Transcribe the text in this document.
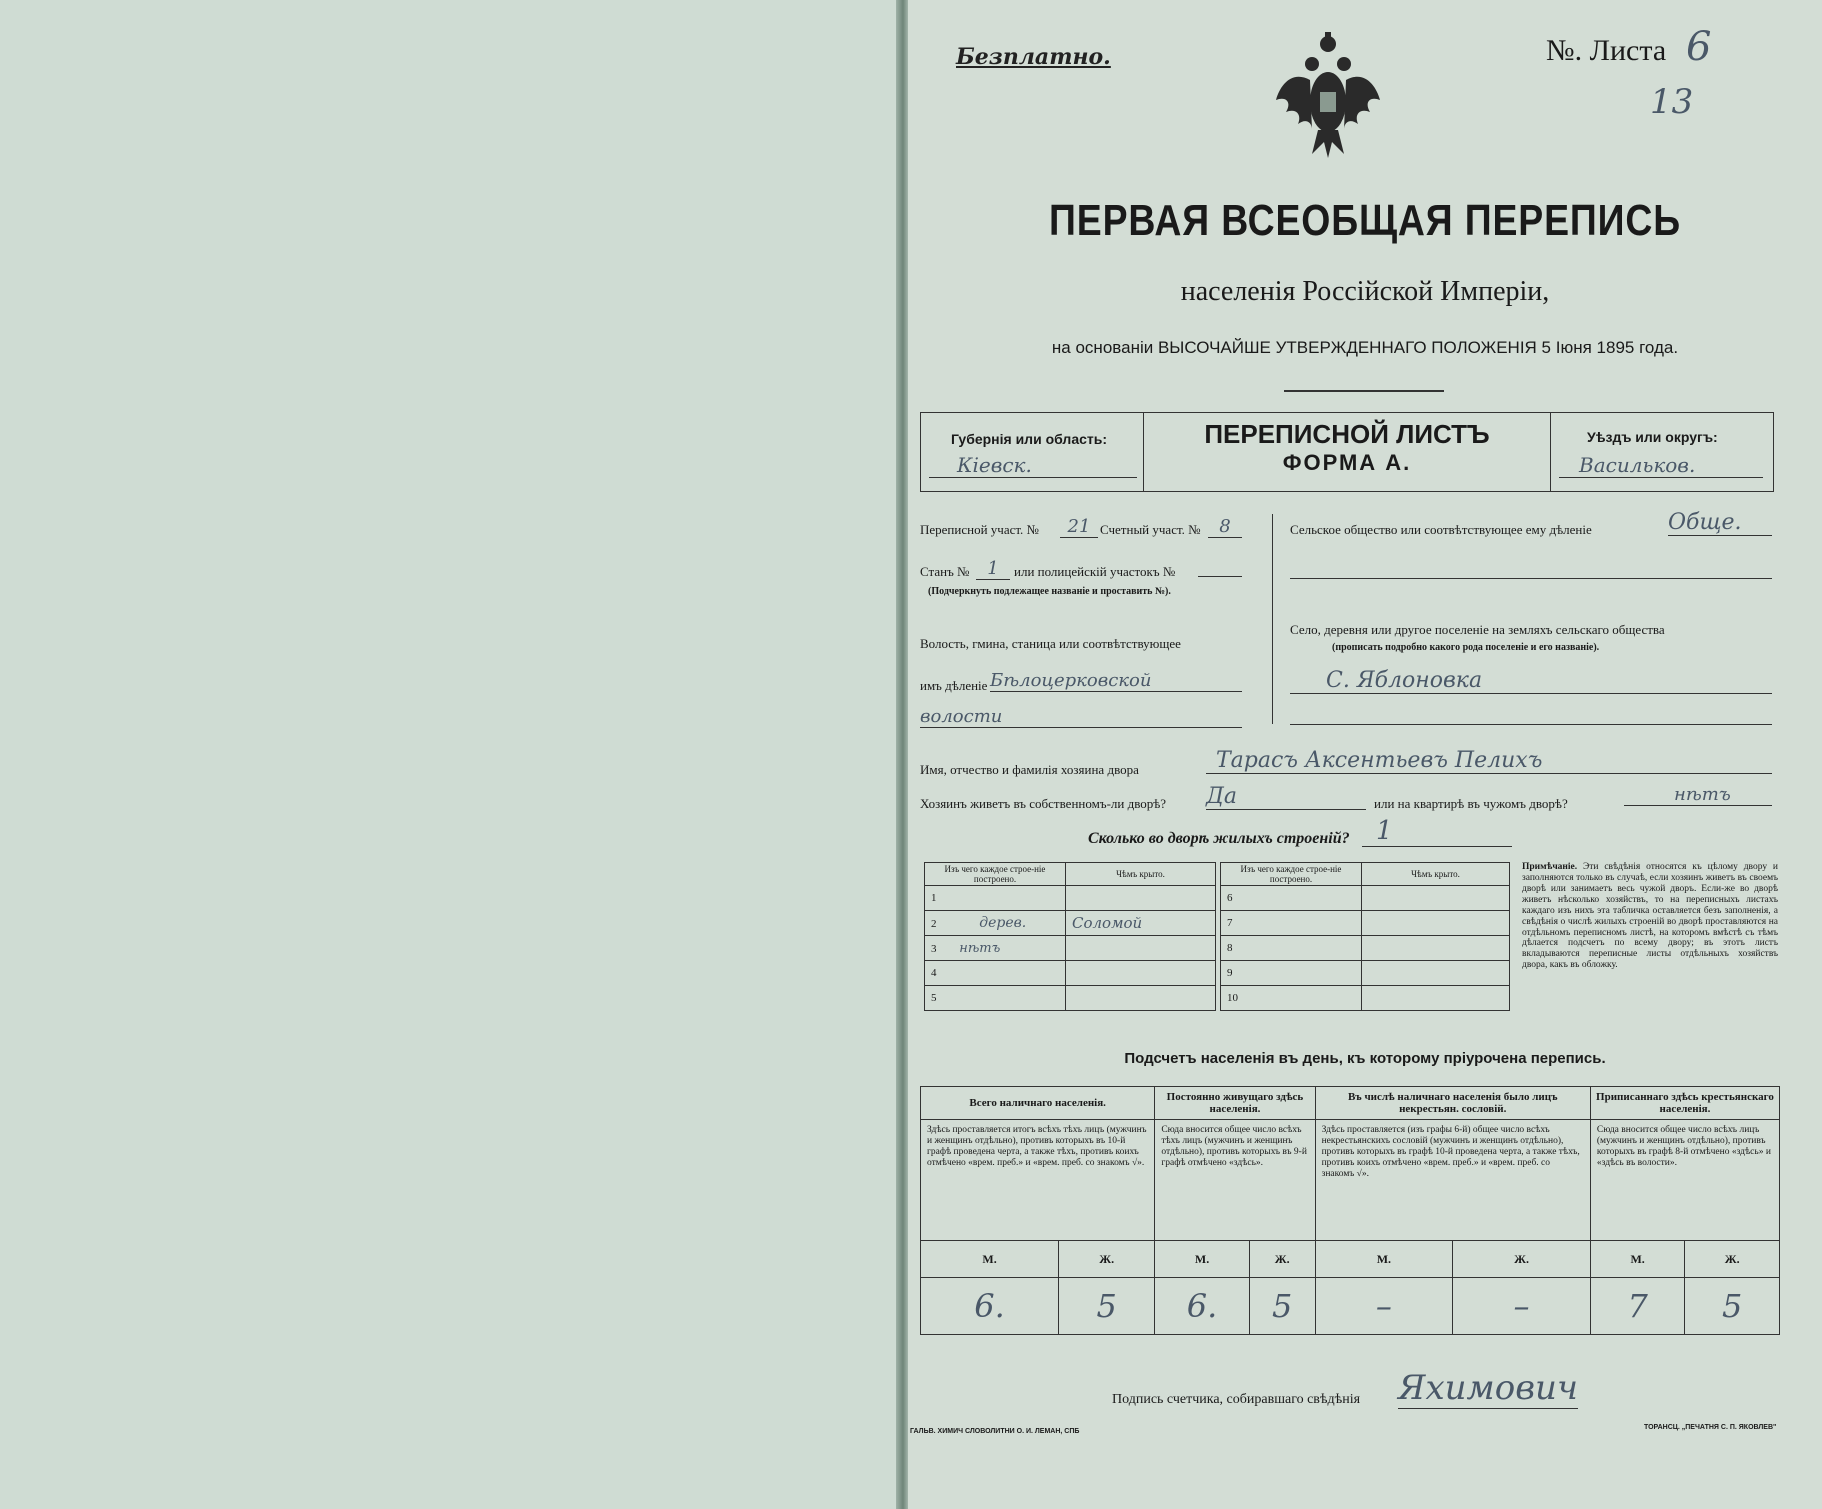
Безплатно.	№. Листа 6
13
ПЕРВАЯ ВСЕОБЩАЯ ПЕРЕПИСЬ
населенія Россійской Имперіи,
на основаніи ВЫСОЧАЙШЕ УТВЕРЖДЕННАГО ПОЛОЖЕНІЯ 5 Іюня 1895 года.
Губернія или область:
Кіевск.
ПЕРЕПИСНОЙ ЛИСТЪ
ФОРМА А.
Уѣздъ или округъ:
Васильков.
Переписной участ. №	21 Счетный участ. №	8
Станъ № 1	или полицейскій участокъ №
(Подчеркнуть подлежащее названіе и проставить №).
Волость, гмина, станица или соотвѣтствующее
имъ дѣленіе Бѣлоцерковской
волости
Сельское общество или соотвѣтствующее ему дѣленіе	Обще.
Село, деревня или другое поселеніе на земляхъ сельскаго общества
(прописать подробно какого рода поселеніе и его названіе).
С. Яблоновка
Имя, отчество и фамилія хозяина двора	Тарасъ Аксентьевъ Пелихъ
Хозяинъ живетъ въ собственномъ-ли дворѣ? Да	или на квартирѣ въ чужомъ дворѣ?	нѣтъ
Сколько во дворѣ жилыхъ строеній?	1
Изъ чего каждое строе-ніе построено.	Чѣмъ крыто.
1	
2 дерев.	Соломой
3 нѣтъ	
4	
5	
Изъ чего каждое строе-ніе построено.	Чѣмъ крыто.
6	
7	
8	
9	
10	
Примѣчаніе. Эти свѣдѣнія относятся къ цѣлому двору и заполняются только въ случаѣ, если хозяинъ живетъ въ своемъ дворѣ или занимаетъ весь чужой дворъ. Если-же во дворѣ живетъ нѣсколько хозяйствъ, то на переписныхъ листахъ каждаго изъ нихъ эта табличка оставляется безъ заполненія, а свѣдѣнія о числѣ жилыхъ строеній во дворѣ проставляются на отдѣльномъ переписномъ листѣ, на которомъ вмѣстѣ съ тѣмъ дѣлается подсчетъ по всему двору; въ этотъ листъ вкладываются переписные листы отдѣльныхъ хозяйствъ двора, какъ въ обложку.
Подсчетъ населенія въ день, къ которому пріурочена перепись.
Всего наличнаго населенія.		Постоянно живущаго здѣсь населенія.		Въ числѣ наличнаго населенія было лицъ некрестьян. сословій.		Приписаннаго здѣсь крестьянскаго населенія.	
Здѣсь проставляется итогъ всѣхъ тѣхъ лицъ (мужчинъ и женщинъ отдѣльно), противъ которыхъ въ 10-й графѣ проведена черта, а также тѣхъ, противъ коихъ отмѣчено «врем. преб.» и «врем. преб. со знакомъ √».		Сюда вносится общее число всѣхъ тѣхъ лицъ (мужчинъ и женщинъ отдѣльно), противъ которыхъ въ 9-й графѣ отмѣчено «здѣсь».		Здѣсь проставляется (изъ графы 6-й) общее число всѣхъ некрестьянскихъ сословій (мужчинъ и женщинъ отдѣльно), противъ которыхъ въ графѣ 10-й проведена черта, а также тѣхъ, противъ коихъ отмѣчено «врем. преб.» и «врем. преб. со знакомъ √».		Сюда вносится общее число всѣхъ лицъ (мужчинъ и женщинъ отдѣльно), противъ которыхъ въ графѣ 8-й отмѣчено «здѣсь» и «здѣсь въ волости».	
М.	Ж.	М.	Ж.	М.	Ж.	М.	Ж.
6.	5	6.	5	–	–	7	5
Подпись счетчика, собиравшаго свѣдѣнія Яхимович
ГАЛЬВ. ХИМИЧ СЛОВОЛИТНИ О. И. ЛЕМАН, СПБ
ТОРАНСЦ. „ПЕЧАТНЯ С. П. ЯКОВЛЕВ"
